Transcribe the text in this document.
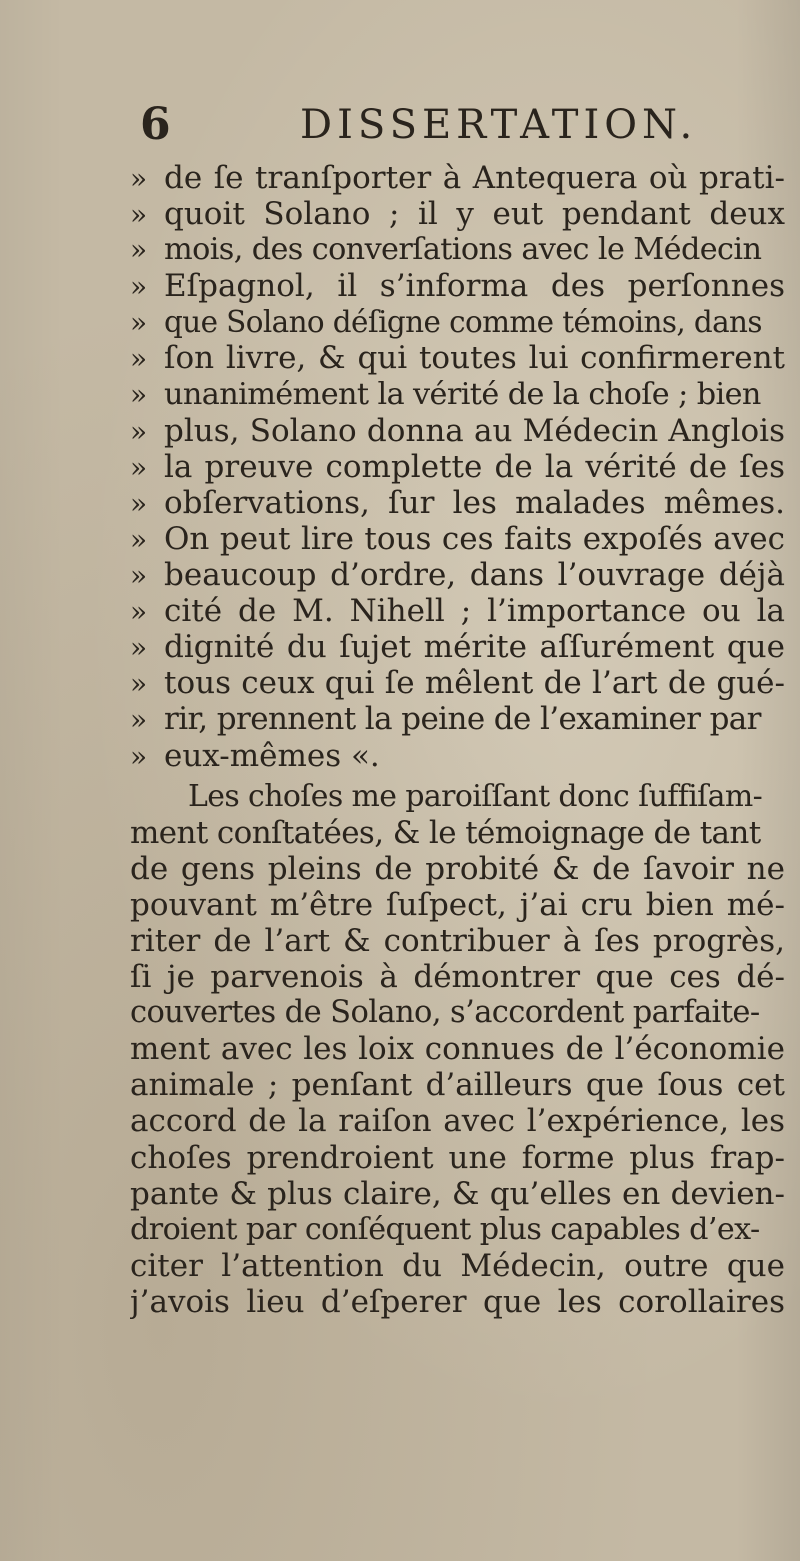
6	DISSERTATION.
» de ſe tranſporter à Antequera où prati-
» quoit Solano ; il y eut pendant deux
» mois, des converſations avec le Médecin
» Eſpagnol, il s’informa des perſonnes
» que Solano déſigne comme témoins, dans
» ſon livre, & qui toutes lui confirmerent
» unanimément la vérité de la choſe ; bien
» plus, Solano donna au Médecin Anglois
» la preuve complette de la vérité de ſes
» obſervations, ſur les malades mêmes.
» On peut lire tous ces faits expoſés avec
» beaucoup d’ordre, dans l’ouvrage déjà
» cité de M. Nihell ; l’importance ou la
» dignité du ſujet mérite aſſurément que
» tous ceux qui ſe mêlent de l’art de gué-
» rir, prennent la peine de l’examiner par
» eux-mêmes «.
Les choſes me paroiſſant donc ſuffiſam-
ment conſtatées, & le témoignage de tant
de gens pleins de probité & de ſavoir ne
pouvant m’être ſuſpect, j’ai cru bien mé-
riter de l’art & contribuer à ſes progrès,
ſi je parvenois à démontrer que ces dé-
couvertes de Solano, s’accordent parfaite-
ment avec les loix connues de l’économie
animale ; penſant d’ailleurs que ſous cet
accord de la raiſon avec l’expérience, les
choſes prendroient une forme plus frap-
pante & plus claire, & qu’elles en devien-
droient par conſéquent plus capables d’ex-
citer l’attention du Médecin, outre que
j’avois lieu d’eſperer que les corollaires
